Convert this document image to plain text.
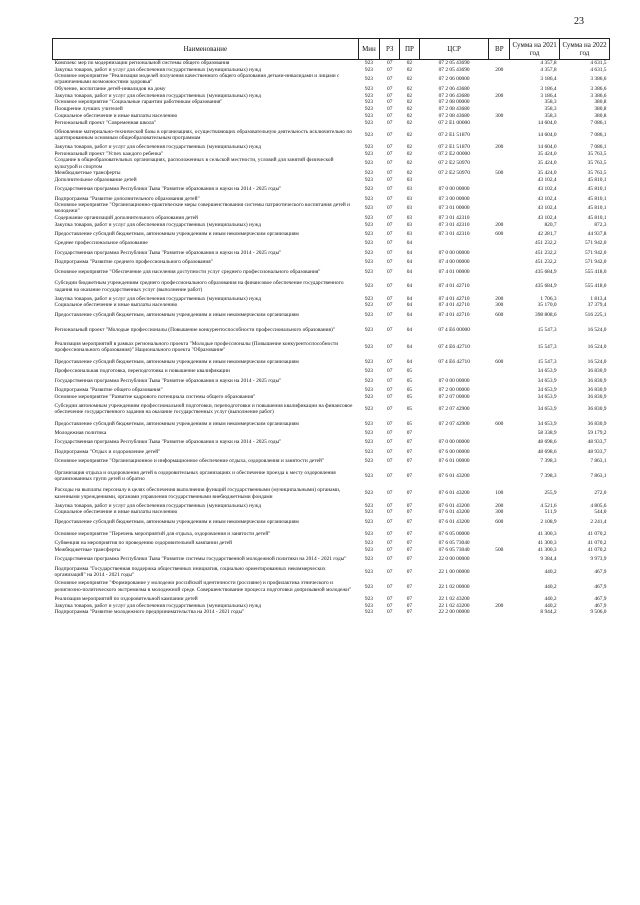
23
Наименование	Мин	РЗ	ПР	ЦСР	ВР	Сумма на 2021 год	Сумма на 2022 год
Комплекс мер по модернизации региональной системы общего образования	923	07	02	07 2 05 43690		4 357,8	4 631,5
Закупка товаров, работ и услуг для обеспечения государственных (муниципальных) нужд	923	07	02	07 2 05 43690	200	4 357,8	4 631,5
Основное мероприятие "Реализация моделей получения качественного общего образования детьми-инвалидами и лицами с ограниченными возможностями здоровья"	923	07	02	07 2 06 00000		3 186,4	3 386,6
Обучение, воспитание детей-инвалидов на дому	923	07	02	07 2 06 43680		3 186,4	3 386,6
Закупка товаров, работ и услуг для обеспечения государственных (муниципальных) нужд	923	07	02	07 2 06 43680	200	3 186,4	3 386,6
Основное мероприятие "Социальные гарантии работникам образования"	923	07	02	07 2 08 00000		358,3	380,8
Поощрение лучших учителей	923	07	02	07 2 08 43680		358,3	380,8
Социальное обеспечение и иные выплаты населению	923	07	02	07 2 08 43680	300	358,3	380,8
Региональный проект "Современная школа"	923	07	02	07 2 E1 00000		14 604,0	7 086,1
Обновление материально-технической базы в организациях, осуществляющих образовательную деятельность исключительно по адаптированным основным общеобразовательным программам	923	07	02	07 2 E1 51870		14 604,0	7 086,1
Закупка товаров, работ и услуг для обеспечения государственных (муниципальных) нужд	923	07	02	07 2 E1 51870	200	14 604,0	7 086,1
Региональный проект "Успех каждого ребенка"	923	07	02	07 2 E2 00000		35 424,0	35 763,5
Создание в общеобразовательных организациях, расположенных в сельской местности, условий для занятий физической культурой и спортом	923	07	02	07 2 E2 50970		35 424,0	35 763,5
Межбюджетные трансферты	923	07	02	07 2 E2 50970	500	35 424,0	35 763,5
Дополнительное образование детей	923	07	03			43 102,4	45 810,1
Государственная программа Республики Тыва "Развитие образования и науки на 2014 - 2025 годы"	923	07	03	07 0 00 00000		43 102,4	45 810,1
Подпрограмма "Развитие дополнительного образования детей"	923	07	03	07 3 00 00000		43 102,4	45 810,1
Основное мероприятие "Организационно-практические меры совершенствования системы патриотического воспитания детей и молодежи"	923	07	03	07 3 01 00000		43 102,4	45 810,1
Содержание организаций дополнительного образования детей	923	07	03	07 3 01 42310		43 102,4	45 810,1
Закупка товаров, работ и услуг для обеспечения государственных (муниципальных) нужд	923	07	03	07 3 01 42310	200	820,7	872,3
Предоставление субсидий бюджетным, автономным учреждениям и иным некоммерческим организациям	923	07	03	07 3 01 42310	600	42 281,7	44 937,8
Среднее профессиональное образование	923	07	04			451 232,2	571 942,0
Государственная программа Республики Тыва "Развитие образования и науки на 2014 - 2025 годы"	923	07	04	07 0 00 00000		451 232,2	571 942,0
Подпрограмма "Развитие среднего профессионального образования"	923	07	04	07 4 00 00000		451 232,2	571 942,0
Основное мероприятие "Обеспечение для населения доступности услуг среднего профессионального образования"	923	07	04	07 4 01 00000		435 684,9	555 418,0
Субсидии бюджетным учреждениям среднего профессионального образования на финансовое обеспечение государственного задания на оказание государственных услуг (выполнение работ)	923	07	04	07 4 01 42710		435 684,9	555 418,0
Закупка товаров, работ и услуг для обеспечения государственных (муниципальных) нужд	923	07	04	07 4 01 42710	200	1 706,3	1 813,4
Социальное обеспечение и иные выплаты населению	923	07	04	07 4 01 42710	300	35 170,0	37 379,4
Предоставление субсидий бюджетным, автономным учреждениям и иным некоммерческим организациям	923	07	04	07 4 01 42710	600	398 808,6	516 225,1
Региональный проект "Молодые профессионалы (Повышение конкурентоспособности профессионального образования)"	923	07	04	07 4 E6 00000		15 547,3	16 524,0
Реализация мероприятий в рамках регионального проекта "Молодые профессионалы (Повышение конкурентоспособности профессионального образования)" Национального проекта "Образование"	923	07	04	07 4 E6 42710		15 547,3	16 524,0
Предоставление субсидий бюджетным, автономным учреждениям и иным некоммерческим организациям	923	07	04	07 4 E6 42710	600	15 547,3	16 524,0
Профессиональная подготовка, переподготовка и повышение квалификации	923	07	05			34 653,9	36 830,9
Государственная программа Республики Тыва "Развитие образования и науки на 2014 - 2025 годы"	923	07	05	07 0 00 00000		34 653,9	36 830,9
Подпрограмма "Развитие общего образования"	923	07	05	07 2 00 00000		34 653,9	36 830,9
Основное мероприятие "Развитие кадрового потенциала системы общего образования"	923	07	05	07 2 07 00000		34 653,9	36 830,9
Субсидии автономным учреждениям профессиональной подготовки, переподготовки и повышения квалификации на финансовое обеспечение государственного задания на оказание государственных услуг (выполнение работ)	923	07	05	07 2 07 42900		34 653,9	36 830,9
Предоставление субсидий бюджетным, автономным учреждениям и иным некоммерческим организациям	923	07	05	07 2 07 42900	600	34 653,9	36 830,9
Молодежная политика	923	07	07			58 338,9	59 179,2
Государственная программа Республики Тыва "Развитие образования и науки на 2014 - 2025 годы"	923	07	07	07 0 00 00000		48 698,6	48 933,7
Подпрограмма "Отдых и оздоровление детей"	923	07	07	07 6 00 00000		48 698,6	48 933,7
Основное мероприятие "Организационное и информационное обеспечение отдыха, оздоровления и занятости детей"	923	07	07	07 6 01 00000		7 398,3	7 863,1
Организация отдыха и оздоровления детей в оздоровительных организациях и обеспечение проезда к месту оздоровления организованных групп детей и обратно	923	07	07	07 6 01 43200		7 398,3	7 863,1
Расходы на выплаты персоналу в целях обеспечения выполнения функций государственными (муниципальными) органами, казенными учреждениями, органами управления государственными внебюджетными фондами	923	07	07	07 6 01 43200	100	255,9	272,0
Закупка товаров, работ и услуг для обеспечения государственных (муниципальных) нужд	923	07	07	07 6 01 43200	200	4 521,6	4 805,6
Социальное обеспечение и иные выплаты населению	923	07	07	07 6 01 43200	300	511,9	544,0
Предоставление субсидий бюджетным, автономным учреждениям и иным некоммерческим организациям	923	07	07	07 6 01 43200	600	2 108,9	2 241,4
Основное мероприятие "Перечень мероприятий для отдыха, оздоровления и занятости детей"	923	07	07	07 6 05 00000		41 300,3	41 070,2
Субвенция на мероприятия по проведению оздоровительной кампании детей	923	07	07	07 6 05 73040		41 300,3	41 070,2
Межбюджетные трансферты	923	07	07	07 6 05 73040	500	41 300,3	41 070,2
Государственная программа Республики Тыва "Развитие системы государственной молодежной политики на 2014 - 2021 годы"	923	07	07	22 0 00 00000		9 384,4	9 973,9
Подпрограмма "Государственная поддержка общественных инициатив, социально ориентированных некоммерческих организаций" на 2014 - 2021 годы"	923	07	07	22 1 00 00000		440,2	467,9
Основное мероприятие "Формирование у молодежи российской идентичности (россияне) и профилактика этнического и религиозно-политического экстремизма в молодежной среде. Совершенствование процесса подготовки допризывной молодежи"	923	07	07	22 1 02 00000		440,2	467,9
Реализация мероприятий по оздоровительной кампании детей	923	07	07	22 1 02 43200		440,2	467,9
Закупка товаров, работ и услуг для обеспечения государственных (муниципальных) нужд	923	07	07	22 1 02 43200	200	440,2	467,9
Подпрограмма "Развитие молодежного предпринимательства на 2014 - 2021 годы"	923	07	07	22 2 00 00000		8 944,2	9 506,0
